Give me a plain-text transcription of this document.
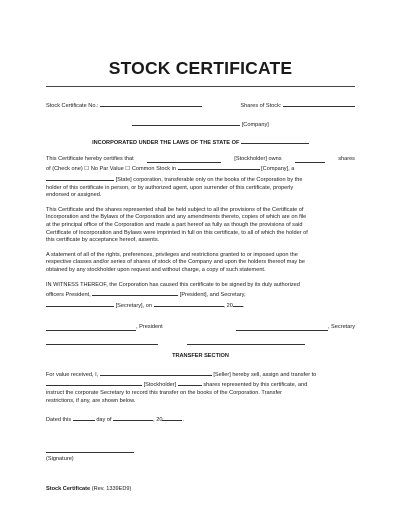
STOCK CERTIFICATE
Stock Certificate No.:	Shares of Stock:
[Company]
INCORPORATED UNDER THE LAWS OF THE STATE OF
This Certificate hereby certifies that	[Stockholder] owns	shares
of (Check one) ☐ No Par Value ☐ Common Stock in	[Company], a
[State] corporation, transferable only on the books of the Corporation by the
holder of this certificate in person, or by authorized agent, upon surrender of this certificate, properly
endorsed or assigned.
This Certificate and the shares represented shall be held subject to all the provisions of the Certificate of
Incorporation and the Bylaws of the Corporation and any amendments thereto, copies of which are on file
at the principal office of the Corporation and made a part hereof as fully as though the provisions of said
Certificate of Incorporation and Bylaws were imprinted in full on this certificate, to all of which the holder of
this certificate by acceptance hereof, assents.
A statement of all of the rights, preferences, privileges and restrictions granted to or imposed upon the
respective classes and/or series of shares of stock of the Company and upon the holders thereof may be
obtained by any stockholder upon request and without charge, a copy of such statement.
IN WITNESS THEREOF, the Corporation has caused this certificate to be signed by its duly authorized
officers President,	[President], and Secretary,
[Secretary], on	, 20 .
, President	, Secretary
TRANSFER SECTION
For value received, I,	[Seller] hereby sell, assign and transfer to
[Stockholder]	shares represented by this certificate, and
instruct the corporate Secretary to record this transfer on the books of the Corporation. Transfer
restrictions, if any, are shown below.
Dated this	day of	, 20	.
(Signature)
Stock Certificate (Rev. 1339ED9)
